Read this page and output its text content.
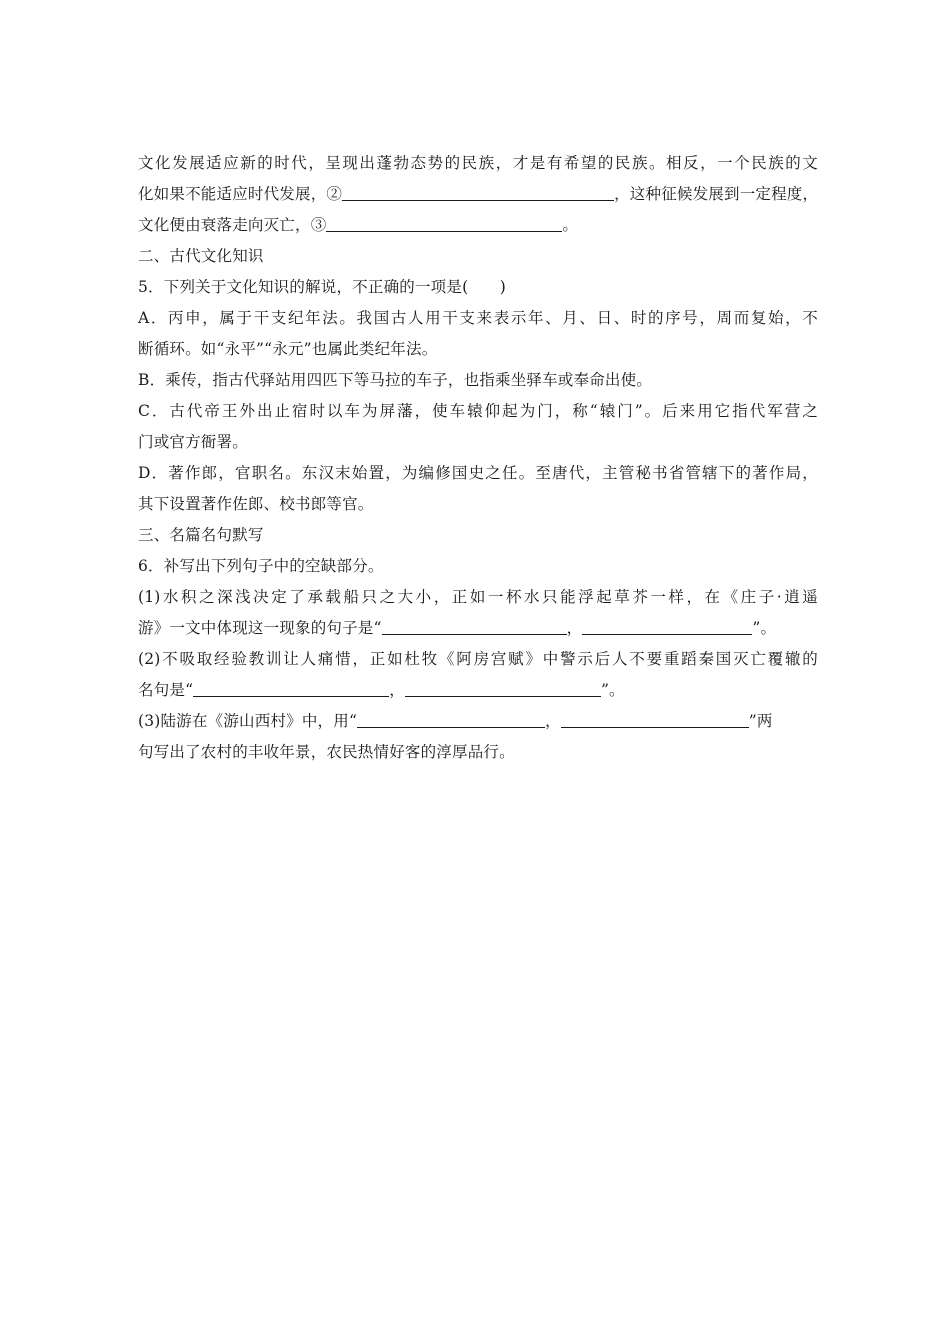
文化发展适应新的时代，呈现出蓬勃态势的民族，才是有希望的民族。相反，一个民族的文
化如果不能适应时代发展，②	，这种征候发展到一定程度，
文化便由衰落走向灭亡，③	。
二、古代文化知识
5．下列关于文化知识的解说，不正确的一项是(　　)
A．丙申，属于干支纪年法。我国古人用干支来表示年、月、日、时的序号，周而复始，不
断循环。如“永平”“永元”也属此类纪年法。
B．乘传，指古代驿站用四匹下等马拉的车子，也指乘坐驿车或奉命出使。
C．古代帝王外出止宿时以车为屏藩，使车辕仰起为门，称“辕门”。后来用它指代军营之
门或官方衙署。
D．著作郎，官职名。东汉末始置，为编修国史之任。至唐代，主管秘书省管辖下的著作局，
其下设置著作佐郎、校书郎等官。
三、名篇名句默写
6．补写出下列句子中的空缺部分。
(1)水积之深浅决定了承载船只之大小，正如一杯水只能浮起草芥一样，在《庄子·逍遥
游》一文中体现这一现象的句子是“	，	”。
(2)不吸取经验教训让人痛惜，正如杜牧《阿房宫赋》中警示后人不要重蹈秦国灭亡覆辙的
名句是“	，	”。
(3)陆游在《游山西村》中，用“	，	”两
句写出了农村的丰收年景，农民热情好客的淳厚品行。
